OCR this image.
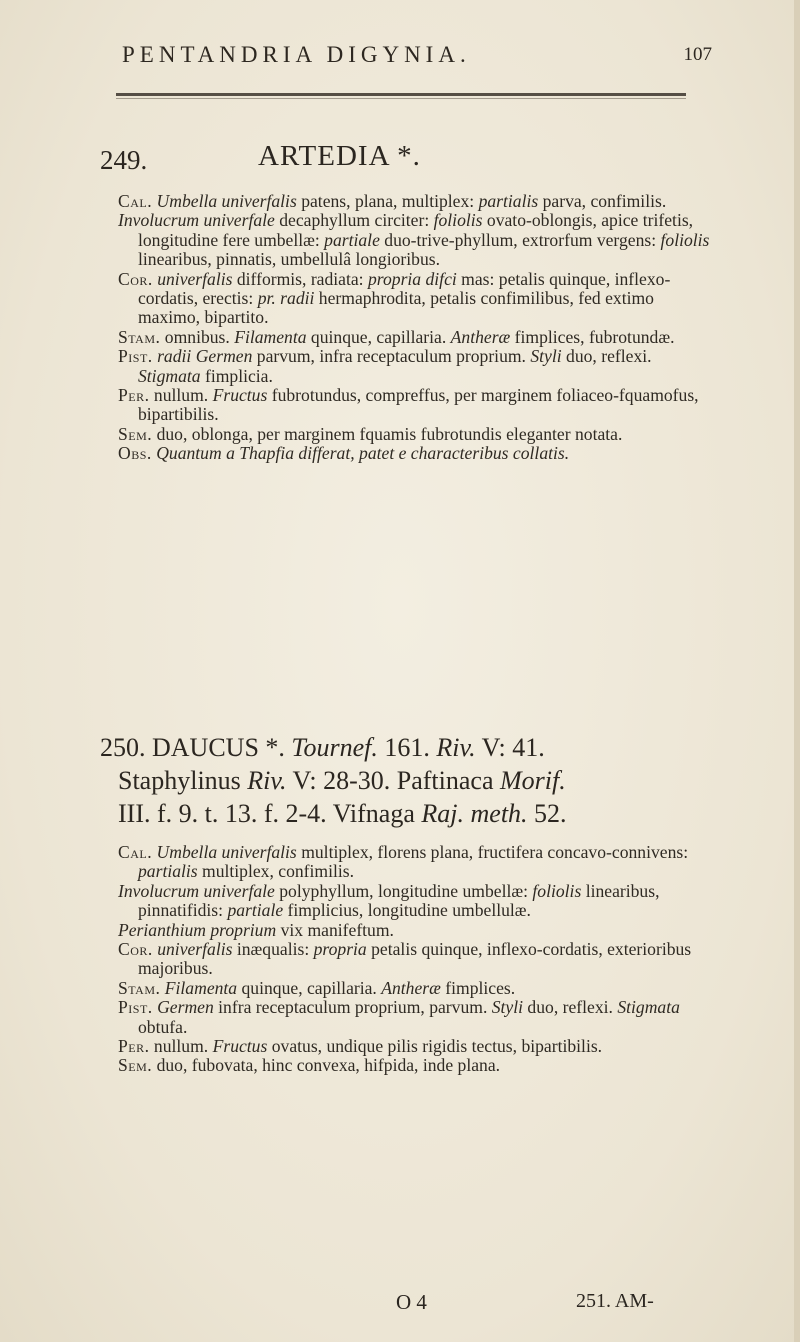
PENTANDRIA DIGYNIA.	107
249.	ARTEDIA *.

Cal. Umbella univerfalis patens, plana, multiplex: partialis parva, confimilis.

Involucrum univerfale decaphyllum circiter: foliolis ovato-oblongis, apice trifetis, longitudine fere umbellæ: partiale duo-trive-phyllum, extrorfum vergens: foliolis linearibus, pinnatis, umbellulâ longioribus.

Cor. univerfalis difformis, radiata: propria difci mas: petalis quinque, inflexo-cordatis, erectis: pr. radii hermaphrodita, petalis confimilibus, fed extimo maximo, bipartito.

Stam. omnibus. Filamenta quinque, capillaria. Antheræ fimplices, fubrotundæ.

Pist. radii Germen parvum, infra receptaculum proprium. Styli duo, reflexi. Stigmata fimplicia.

Per. nullum. Fructus fubrotundus, compreffus, per marginem foliaceo-fquamofus, bipartibilis.

Sem. duo, oblonga, per marginem fquamis fubrotundis eleganter notata.

Obs. Quantum a Thapfia differat, patet e characteribus collatis.

250. DAUCUS *. Tournef. 161. Riv. V: 41.
Staphylinus Riv. V: 28-30. Paftinaca Morif.
III. f. 9. t. 13. f. 2-4. Vifnaga Raj. meth. 52.

Cal. Umbella univerfalis multiplex, florens plana, fructifera concavo-connivens: partialis multiplex, confimilis.

Involucrum univerfale polyphyllum, longitudine umbellæ: foliolis linearibus, pinnatifidis: partiale fimplicius, longitudine umbellulæ.

Perianthium proprium vix manifeftum.

Cor. univerfalis inæqualis: propria petalis quinque, inflexo-cordatis, exterioribus majoribus.

Stam. Filamenta quinque, capillaria. Antheræ fimplices.

Pist. Germen infra receptaculum proprium, parvum. Styli duo, reflexi. Stigmata obtufa.

Per. nullum. Fructus ovatus, undique pilis rigidis tectus, bipartibilis.

Sem. duo, fubovata, hinc convexa, hifpida, inde plana.

O 4	251. AM-
